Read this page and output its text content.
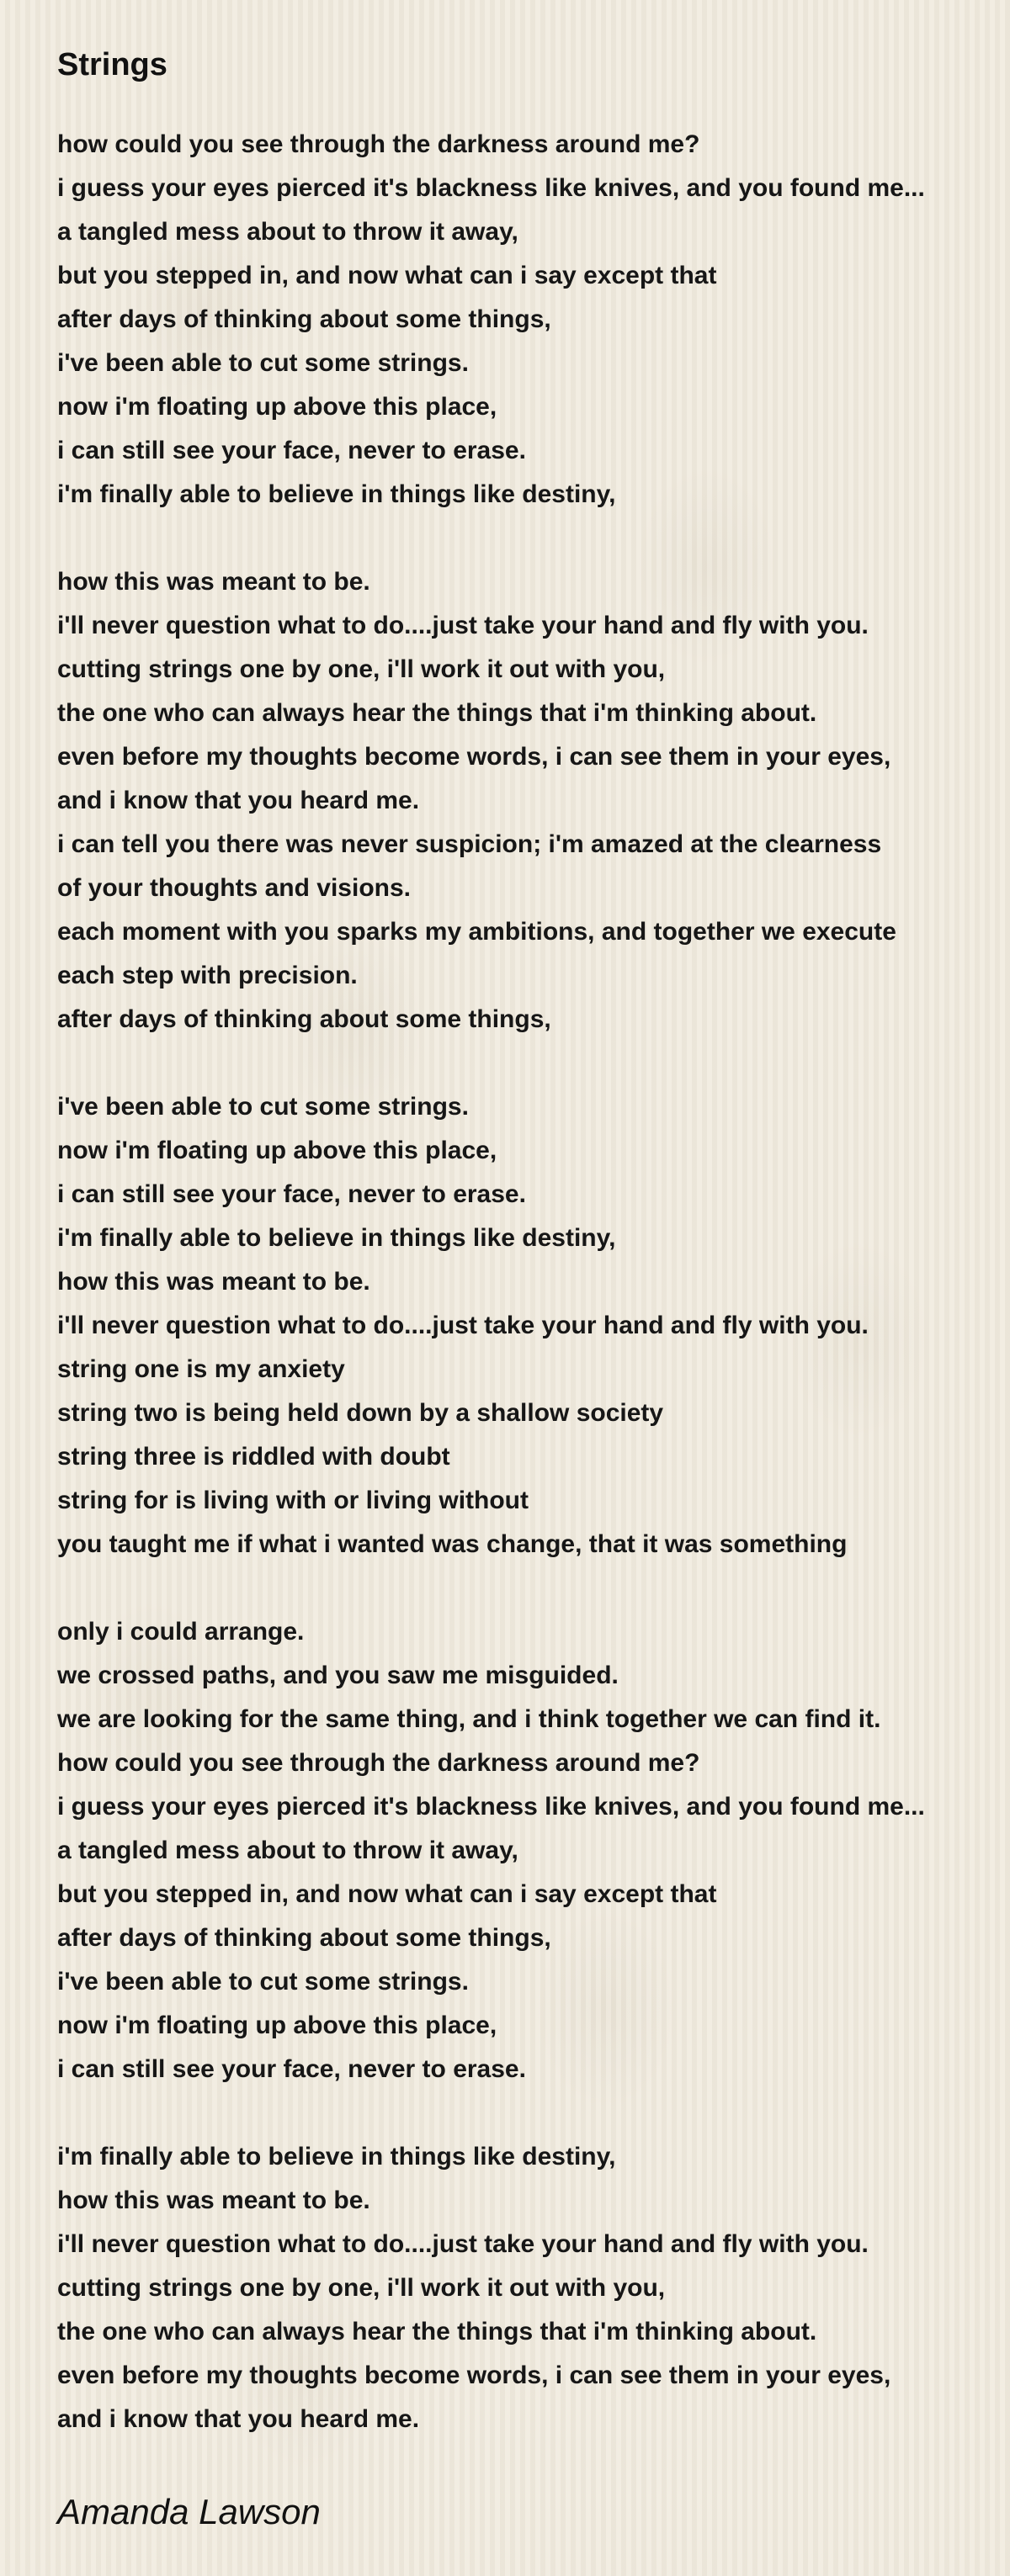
Strings
how could you see through the darkness around me?
i guess your eyes pierced it's blackness like knives, and you found me...
a tangled mess about to throw it away,
but you stepped in, and now what can i say except that
after days of thinking about some things,
i've been able to cut some strings.
now i'm floating up above this place,
i can still see your face, never to erase.
i'm finally able to believe in things like destiny,
how this was meant to be.
i'll never question what to do....just take your hand and fly with you.
cutting strings one by one, i'll work it out with you,
the one who can always hear the things that i'm thinking about.
even before my thoughts become words, i can see them in your eyes,
and i know that you heard me.
i can tell you there was never suspicion; i'm amazed at the clearness
of your thoughts and visions.
each moment with you sparks my ambitions, and together we execute
each step with precision.
after days of thinking about some things,
i've been able to cut some strings.
now i'm floating up above this place,
i can still see your face, never to erase.
i'm finally able to believe in things like destiny,
how this was meant to be.
i'll never question what to do....just take your hand and fly with you.
string one is my anxiety
string two is being held down by a shallow society
string three is riddled with doubt
string for is living with or living without
you taught me if what i wanted was change, that it was something
only i could arrange.
we crossed paths, and you saw me misguided.
we are looking for the same thing, and i think together we can find it.
how could you see through the darkness around me?
i guess your eyes pierced it's blackness like knives, and you found me...
a tangled mess about to throw it away,
but you stepped in, and now what can i say except that
after days of thinking about some things,
i've been able to cut some strings.
now i'm floating up above this place,
i can still see your face, never to erase.
i'm finally able to believe in things like destiny,
how this was meant to be.
i'll never question what to do....just take your hand and fly with you.
cutting strings one by one, i'll work it out with you,
the one who can always hear the things that i'm thinking about.
even before my thoughts become words, i can see them in your eyes,
and i know that you heard me.
Amanda Lawson
